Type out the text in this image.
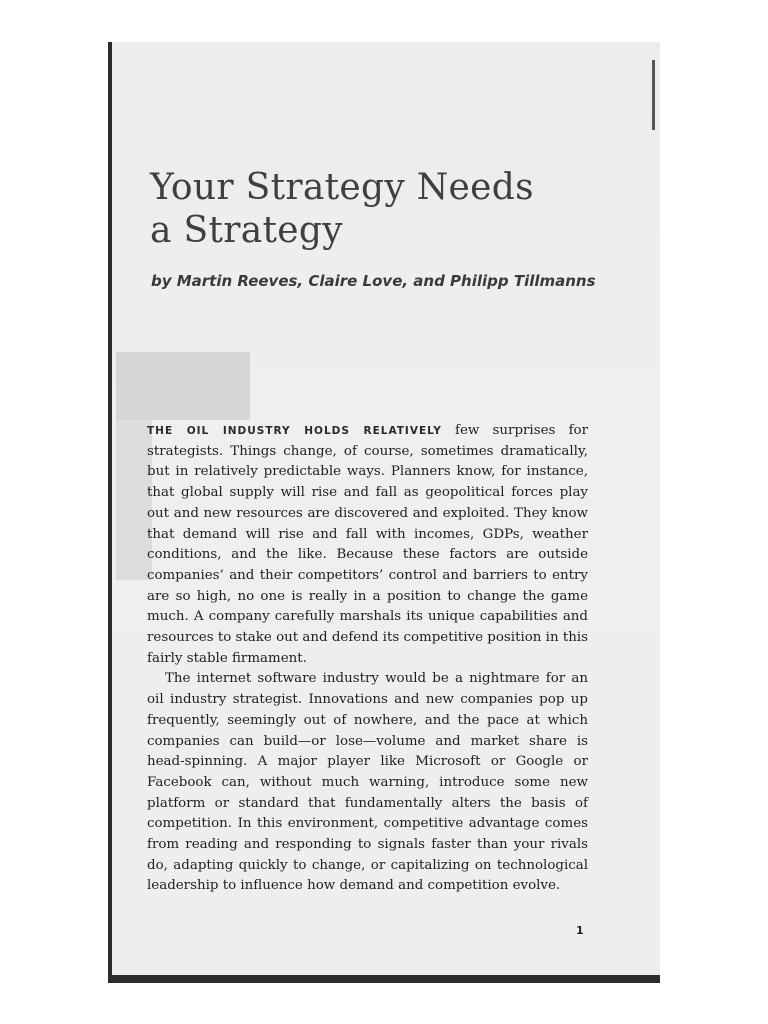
Your Strategy Needs
a Strategy

by Martin Reeves, Claire Love, and Philipp Tillmanns

THE OIL INDUSTRY HOLDS RELATIVELY few surprises for strategists. Things change, of course, sometimes dramatically, but in relatively predictable ways. Planners know, for instance, that global supply will rise and fall as geopolitical forces play out and new resources are discovered and exploited. They know that demand will rise and fall with incomes, GDPs, weather conditions, and the like. Because these factors are outside companies’ and their competitors’ control and barriers to entry are so high, no one is really in a position to change the game much. A company carefully marshals its unique capabilities and resources to stake out and defend its competitive position in this fairly stable firmament.

The internet software industry would be a nightmare for an oil industry strategist. Innovations and new companies pop up frequently, seemingly out of nowhere, and the pace at which companies can build—or lose—volume and market share is head-spinning. A major player like Microsoft or Google or Facebook can, without much warning, introduce some new platform or standard that fundamentally alters the basis of competition. In this environment, competitive advantage comes from reading and responding to signals faster than your rivals do, adapting quickly to change, or capitalizing on technological leadership to influence how demand and competition evolve.

1
